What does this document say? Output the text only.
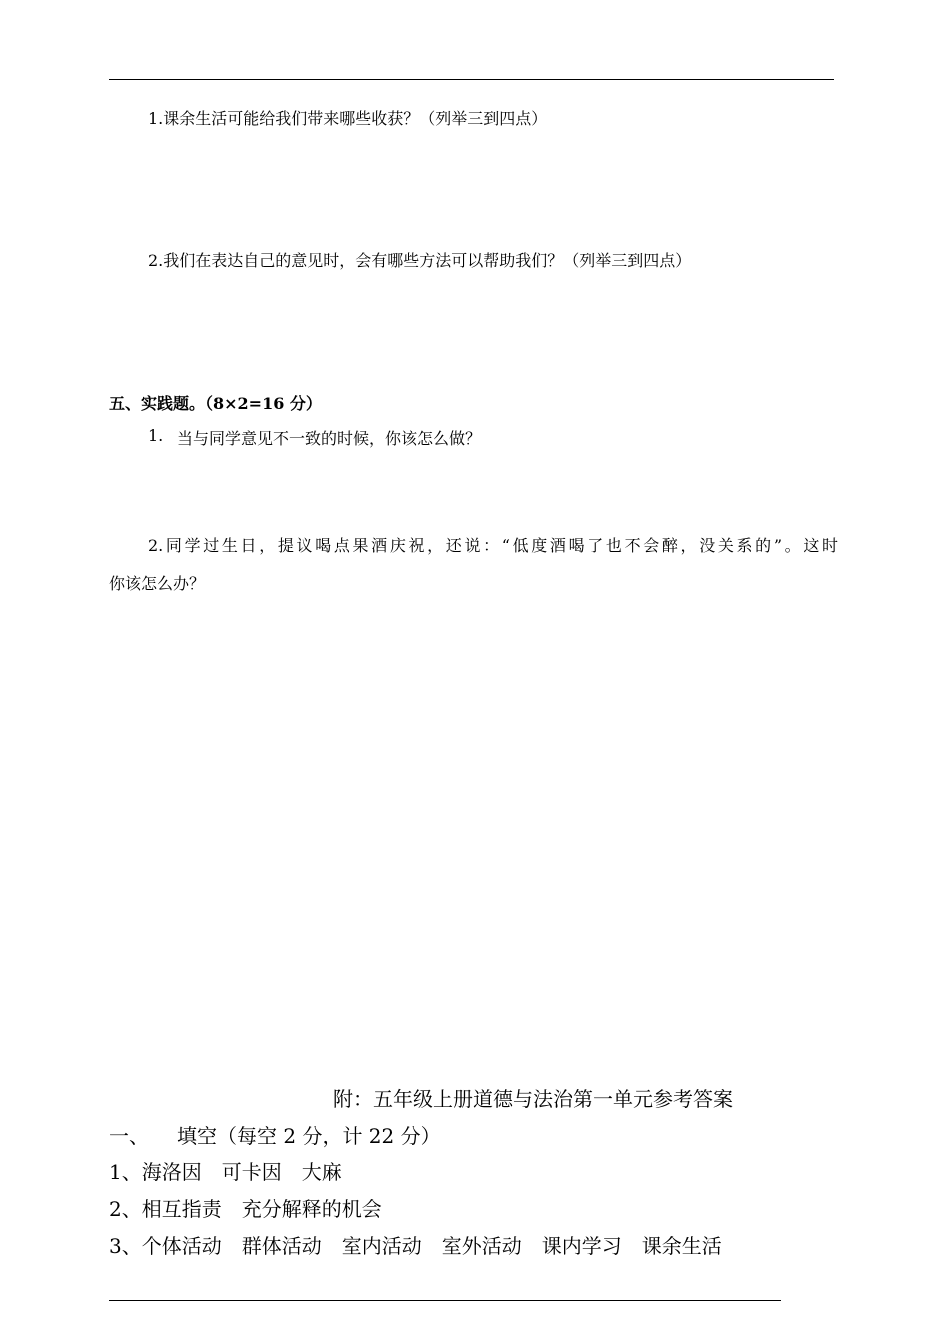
1.课余生活可能给我们带来哪些收获？（列举三到四点）
2.我们在表达自己的意见时，会有哪些方法可以帮助我们？（列举三到四点）
五、实践题。（8×2=16 分）
1. 当与同学意见不一致的时候，你该怎么做？
2.同学过生日，提议喝点果酒庆祝，还说：“低度酒喝了也不会醉，没关系的”。这时
你该怎么办？
附：五年级上册道德与法治第一单元参考答案
一、 填空（每空 2 分，计 22 分）
1、海洛因　可卡因　大麻
2、相互指责　充分解释的机会
3、个体活动　群体活动　室内活动　室外活动　课内学习　课余生活
